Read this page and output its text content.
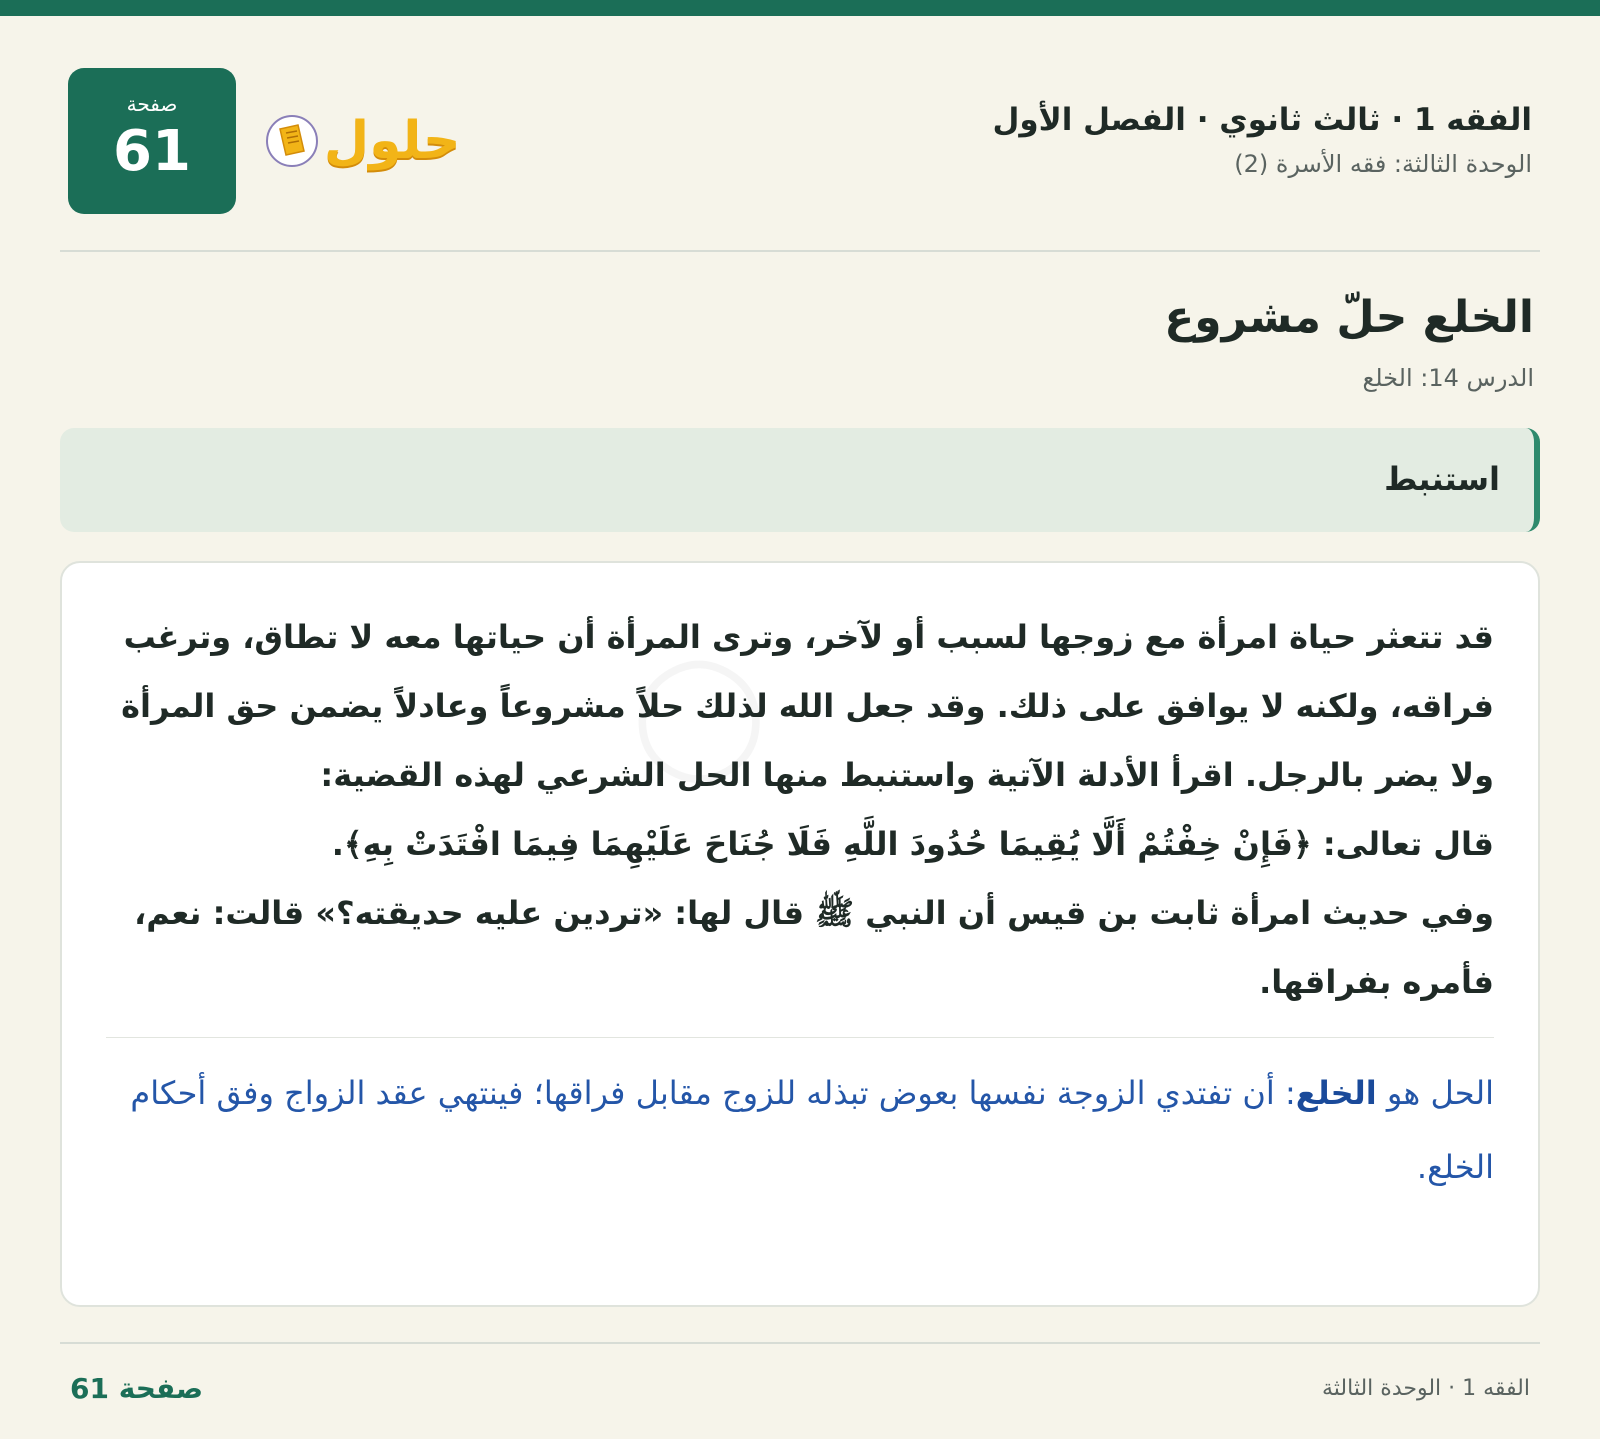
الفقه 1 · ثالث ثانوي · الفصل الأول
الوحدة الثالثة: فقه الأسرة (2)
حلول
صفحة
61
الخلع حلّ مشروع
الدرس 14: الخلع
استنبط
◯
قد تتعثر حياة امرأة مع زوجها لسبب أو لآخر، وترى المرأة أن حياتها معه لا تطاق، وترغب فراقه، ولكنه لا يوافق على ذلك. وقد جعل الله لذلك حلاً مشروعاً وعادلاً يضمن حق المرأة ولا يضر بالرجل. اقرأ الأدلة الآتية واستنبط منها الحل الشرعي لهذه القضية:
قال تعالى: ﴿فَإِنْ خِفْتُمْ أَلَّا يُقِيمَا حُدُودَ اللَّهِ فَلَا جُنَاحَ عَلَيْهِمَا فِيمَا افْتَدَتْ بِهِ﴾.
وفي حديث امرأة ثابت بن قيس أن النبي ﷺ قال لها: «تردين عليه حديقته؟» قالت: نعم، فأمره بفراقها.
الحل هو الخلع: أن تفتدي الزوجة نفسها بعوض تبذله للزوج مقابل فراقها؛ فينتهي عقد الزواج وفق أحكام الخلع.
الفقه 1 · الوحدة الثالثة
صفحة 61
